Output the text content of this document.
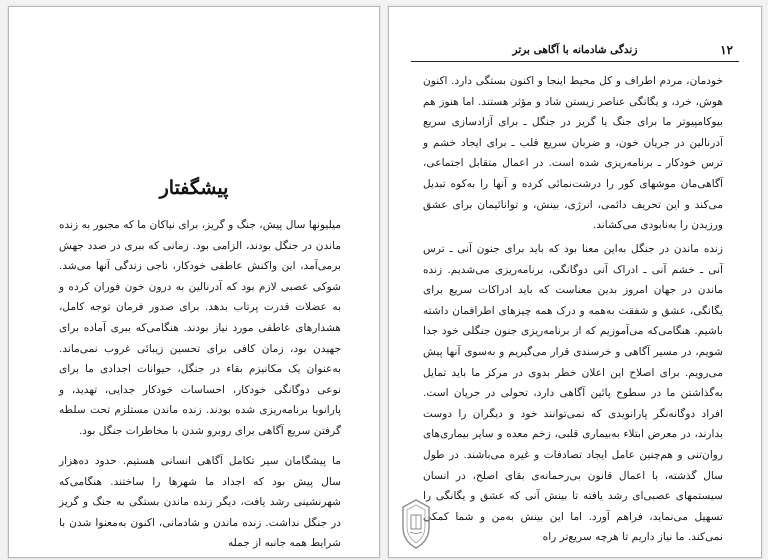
پیشگفتار

میلیونها سال پیش، جنگ و گریز، برای نیاکان ما که مجبور به زنده ماندن در جنگل بودند، الزامی بود. زمانی که ببری در صدد جهش برمی‌آمد، این واکنش عاطفی خودکار، ناجی زندگی آنها می‌شد. شوکی عصبی لازم بود که آدرنالین به درون خون فوران کرده و به عضلات قدرت پرتاب بدهد. برای صدور فرمان توجه کامل، هشدارهای عاطفی مورد نیاز بودند. هنگامی‌که ببری آماده برای جهیدن بود، زمان کافی برای تحسین زیبائی غروب نمی‌ماند. به‌عنوان یک مکانیزم بقاء در جنگل، حیوانات اجدادی ما برای نوعی دوگانگی خودکار، احساسات خودکار جدایی، تهدید، و پارانویا برنامه‌ریزی شده بودند. زنده ماندن مستلزم تحت سلطه گرفتن سریع آگاهی برای روبرو شدن با مخاطرات جنگل بود.

ما پیشگامان سیر تکامل آگاهی انسانی هستیم. حدود ده‌هزار سال پیش بود که اجداد ما شهرها را ساختند. هنگامی‌که شهرنشینی رشد یافت، دیگر زنده ماندن بستگی به جنگ و گریز در جنگل نداشت. زنده ماندن و شادمانی، اکنون به‌معنوا شدن با شرایط همه جانبه از جمله

۱۲
زندگی شادمانه با آگاهی برتر

خودمان، مردم اطراف و کل محیط اینجا و اکنون بستگی دارد. اکنون هوش، خرد، و یگانگی عناصر زیستن شاد و مؤثر هستند. اما هنوز هم بیوکامپیوتر ما برای جنگ یا گریز در جنگل ـ برای آزادسازی سریع آدرنالین در جریان خون، و ضربان سریع قلب ـ برای ایجاد خشم و ترس خودکار ـ برنامه‌ریزی شده است. در اعمال متقابل اجتماعی، آگاهی‌مان موشهای کور را درشت‌نمائی کرده و آنها را به‌کوه تبدیل می‌کند و این تحریف دائمی، انرژی، بینش، و توانائیمان برای عشق ورزیدن را به‌نابودی می‌کشاند.

زنده ماندن در جنگل به‌این معنا بود که باید برای جنون آنی ـ ترس آنی ـ خشم آنی ـ ادراک آنی دوگانگی، برنامه‌ریزی می‌شدیم. زنده ماندن در جهان امروز بدین معناست که باید ادراکات سریع برای یگانگی، عشق و شفقت به‌همه و درک همه چیزهای اطرافمان داشته باشیم. هنگامی‌که می‌آموزیم که از برنامه‌ریزی جنون جنگلی خود جدا شویم، در مسیر آگاهی و خرسندی قرار می‌گیریم و به‌سوی آنها پیش می‌رویم. برای اصلاح این اعلان خطر بدوی در مرکز ما باید تمایل به‌گذاشتن ما در سطوح پائین آگاهی دارد، تحولی در جریان است. افراد دوگانه‌نگر پارانویدی که نمی‌توانند خود و دیگران را دوست بدارند، در معرض ابتلاء به‌بیماری قلبی، زخم معده و سایر بیماری‌های روان‌تنی و هم‌چنین عامل ایجاد تصادفات و غیره می‌باشند. در طول سال گذشته، با اعمال قانون بی‌رحمانه‌ی بقای اصلح، در انسان سیستمهای عصبی‌ای رشد یافته تا بینش آنی که عشق و یگانگی را تسهیل می‌نماید، فراهم آورد. اما این بینش به‌من و شما کمکی نمی‌کند. ما نیاز داریم تا هرچه سریع‌تر راه
